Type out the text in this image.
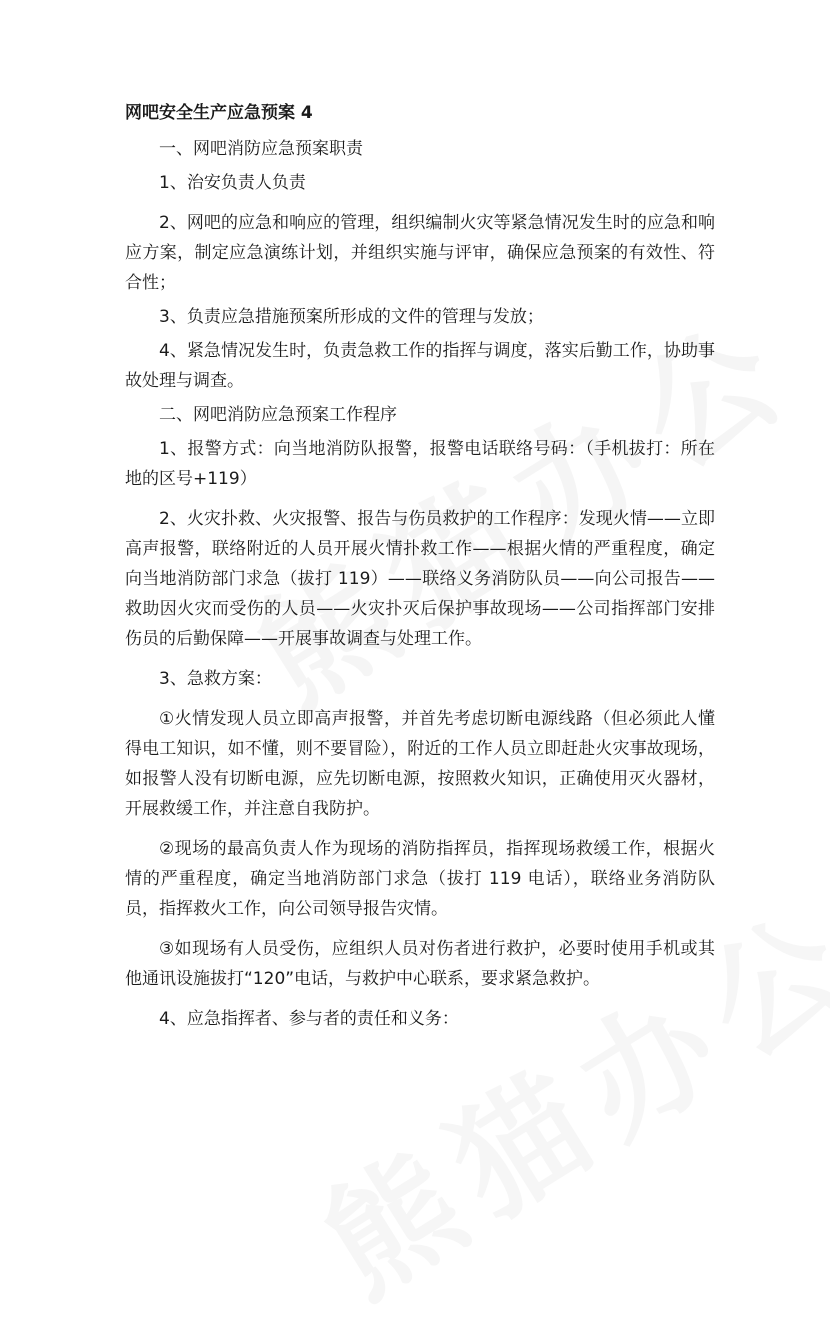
网吧安全生产应急预案 4

一、网吧消防应急预案职责

1、治安负责人负责

2、网吧的应急和响应的管理，组织编制火灾等紧急情况发生时的应急和响应方案，制定应急演练计划，并组织实施与评审，确保应急预案的有效性、符合性；

3、负责应急措施预案所形成的文件的管理与发放；

4、紧急情况发生时，负责急救工作的指挥与调度，落实后勤工作，协助事故处理与调查。

二、网吧消防应急预案工作程序

1、报警方式：向当地消防队报警，报警电话联络号码：（手机拔打：所在地的区号+119）

2、火灾扑救、火灾报警、报告与伤员救护的工作程序：发现火情——立即高声报警，联络附近的人员开展火情扑救工作——根据火情的严重程度，确定向当地消防部门求急（拔打 119）——联络义务消防队员——向公司报告——救助因火灾而受伤的人员——火灾扑灭后保护事故现场——公司指挥部门安排伤员的后勤保障——开展事故调查与处理工作。

3、急救方案：

①火情发现人员立即高声报警，并首先考虑切断电源线路（但必须此人懂得电工知识，如不懂，则不要冒险），附近的工作人员立即赶赴火灾事故现场，如报警人没有切断电源，应先切断电源，按照救火知识，正确使用灭火器材，开展救缓工作，并注意自我防护。

②现场的最高负责人作为现场的消防指挥员，指挥现场救缓工作，根据火情的严重程度，确定当地消防部门求急（拔打 119 电话），联络业务消防队员，指挥救火工作，向公司领导报告灾情。

③如现场有人员受伤，应组织人员对伤者进行救护，必要时使用手机或其他通讯设施拔打“120”电话，与救护中心联系，要求紧急救护。

4、应急指挥者、参与者的责任和义务：
